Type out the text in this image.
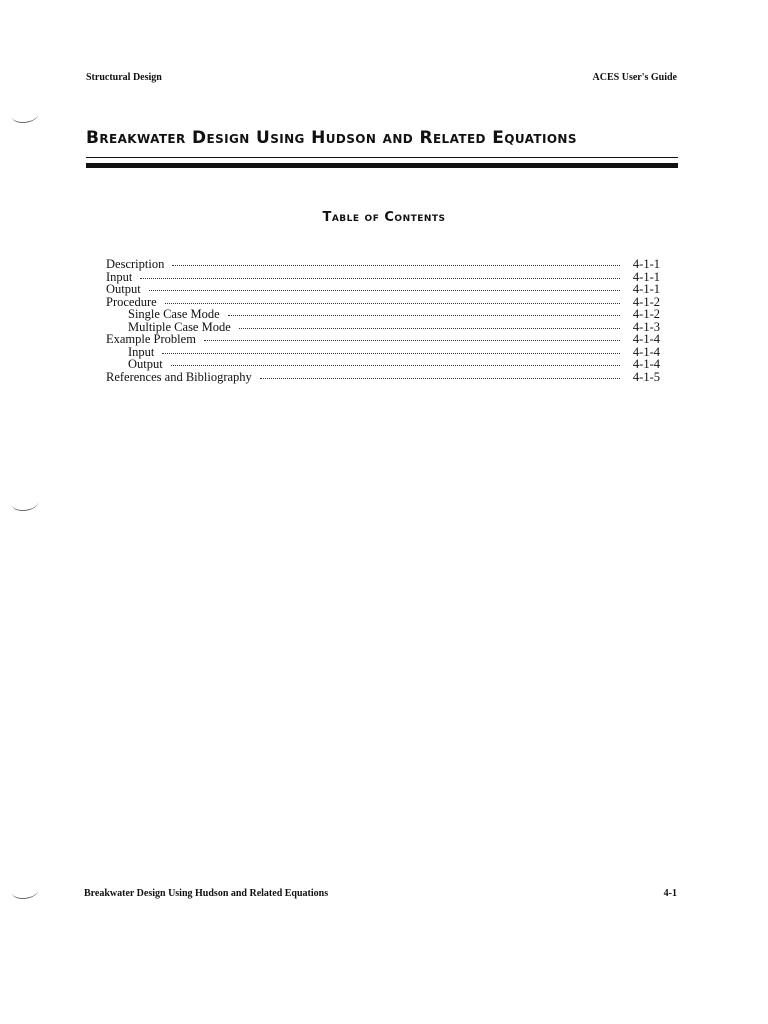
Structural Design	ACES User's Guide
Breakwater Design Using Hudson and Related Equations
Table of Contents
Description	4-1-1
Input	4-1-1
Output	4-1-1
Procedure	4-1-2
Single Case Mode	4-1-2
Multiple Case Mode	4-1-3
Example Problem	4-1-4
Input	4-1-4
Output	4-1-4
References and Bibliography	4-1-5
Breakwater Design Using Hudson and Related Equations	4-1
